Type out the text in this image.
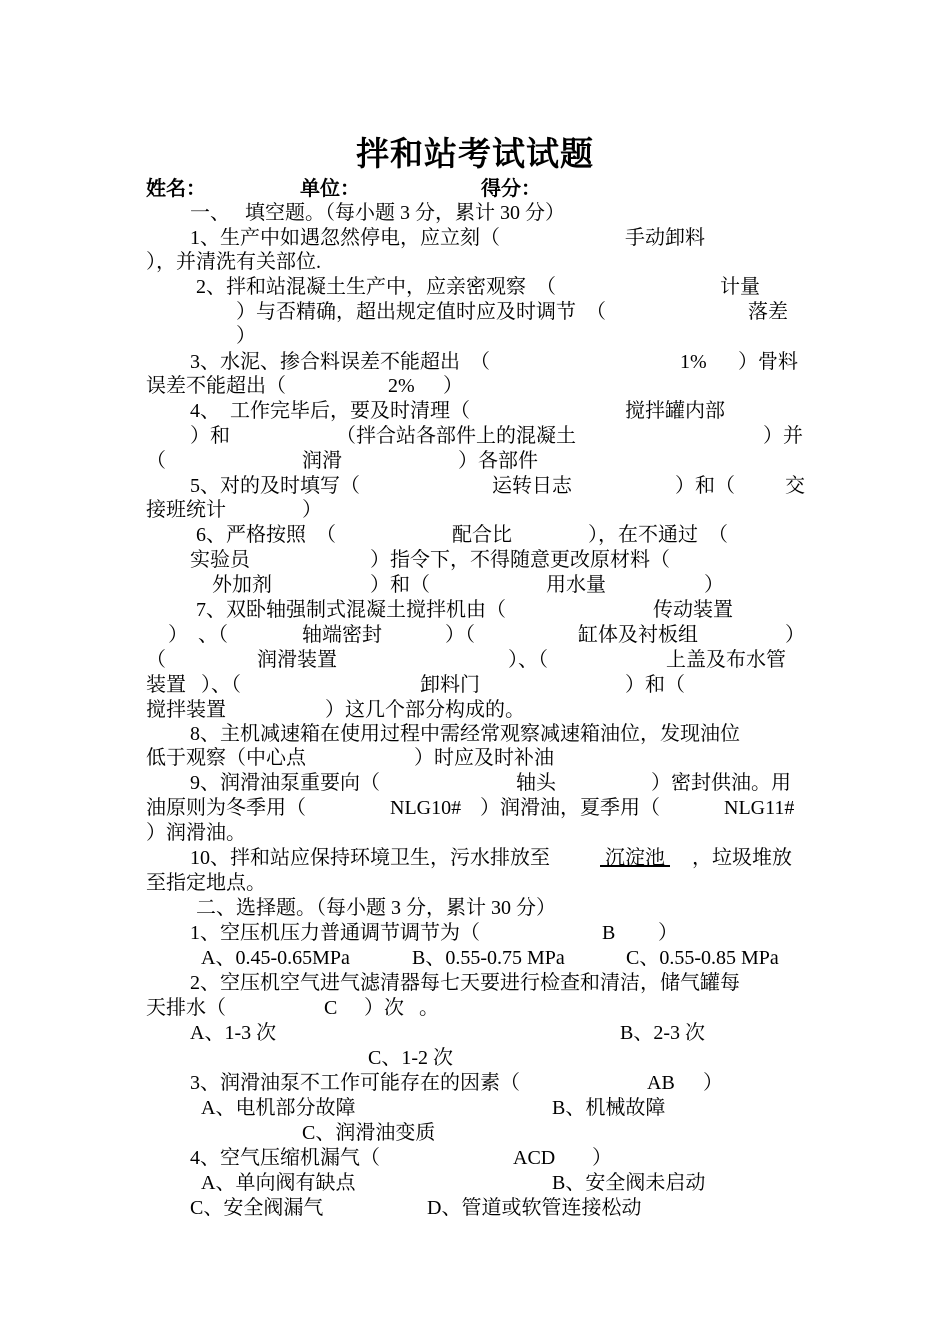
拌和站考试试题
姓名：	单位：	得分：
一、   填空题。（每小题 3 分，累计 30 分）
1、生产中如遇忽然停电，应立刻（	手动卸料
），并清洗有关部位.
2、拌和站混凝土生产中，应亲密观察  （	计量
）与否精确，超出规定值时应及时调节  （	落差
）
3、水泥、掺合料误差不能超出  （	1% ）骨料
误差不能超出（	2% ）
4、  工作完毕后，要及时清理（	搅拌罐内部
）和	（拌合站各部件上的混凝土	）并
（	润滑	）各部件
5、对的及时填写（	运转日志	）和（	交
接班统计	）
6、严格按照  （	配合比	），在不通过  （
实验员	）指令下，不得随意更改原材料（
外加剂	）和（	用水量	）
7、双卧轴强制式混凝土搅拌机由（	传动装置
）  、（	轴端密封	）（	缸体及衬板组	）
（	润滑装置	）、（	上盖及布水管
装置 ）、（	卸料门	）和（
搅拌装置	）这几个部分构成的。
8、主机减速箱在使用过程中需经常观察减速箱油位，发现油位
低于观察（中心点	）时应及时补油
9、润滑油泵重要向（	轴头	）密封供油。用
油原则为冬季用（	NLG10# ）润滑油，夏季用（	NLG11#
）润滑油。
10、拌和站应保持环境卫生，污水排放至	沉淀池 ，垃圾堆放
至指定地点。
二、选择题。（每小题 3 分，累计 30 分）
1、空压机压力普通调节调节为（	B ）
A、0.45-0.65MPa	B、0.55-0.75 MPa	C、0.55-0.85 MPa
2、空压机空气进气滤清器每七天要进行检查和清洁，储气罐每
天排水（	C ）次   。
A、1-3 次	B、2-3 次
C、1-2 次
3、润滑油泵不工作可能存在的因素（	AB ）
A、电机部分故障	B、机械故障
C、润滑油变质
4、空气压缩机漏气（	ACD ）
A、单向阀有缺点	B、安全阀未启动
C、安全阀漏气	D、管道或软管连接松动
